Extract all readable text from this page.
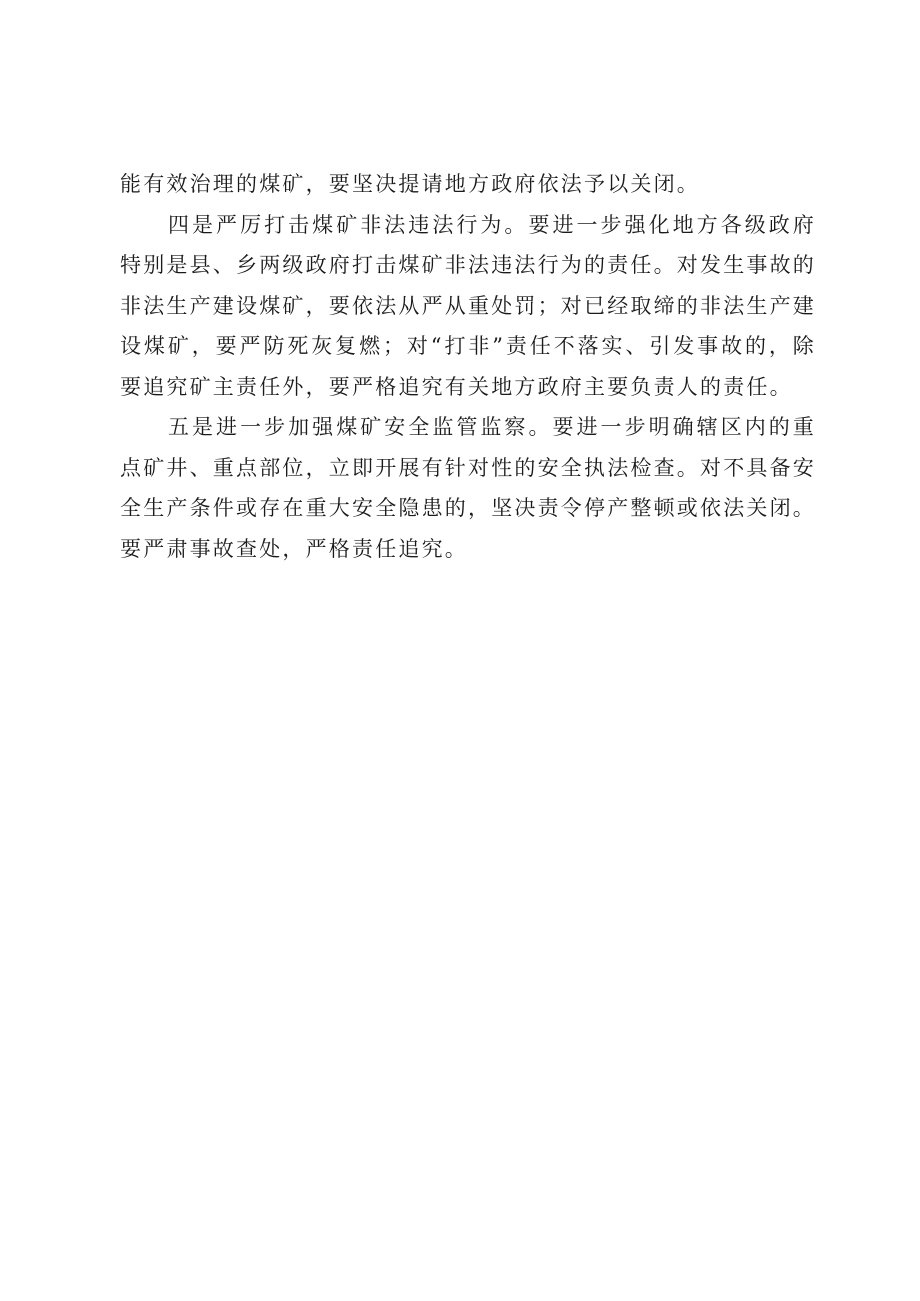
能有效治理的煤矿，要坚决提请地方政府依法予以关闭。

四是严厉打击煤矿非法违法行为。要进一步强化地方各级政府特别是县、乡两级政府打击煤矿非法违法行为的责任。对发生事故的非法生产建设煤矿，要依法从严从重处罚；对已经取缔的非法生产建设煤矿，要严防死灰复燃；对“打非”责任不落实、引发事故的，除要追究矿主责任外，要严格追究有关地方政府主要负责人的责任。

五是进一步加强煤矿安全监管监察。要进一步明确辖区内的重点矿井、重点部位，立即开展有针对性的安全执法检查。对不具备安全生产条件或存在重大安全隐患的，坚决责令停产整顿或依法关闭。要严肃事故查处，严格责任追究。
